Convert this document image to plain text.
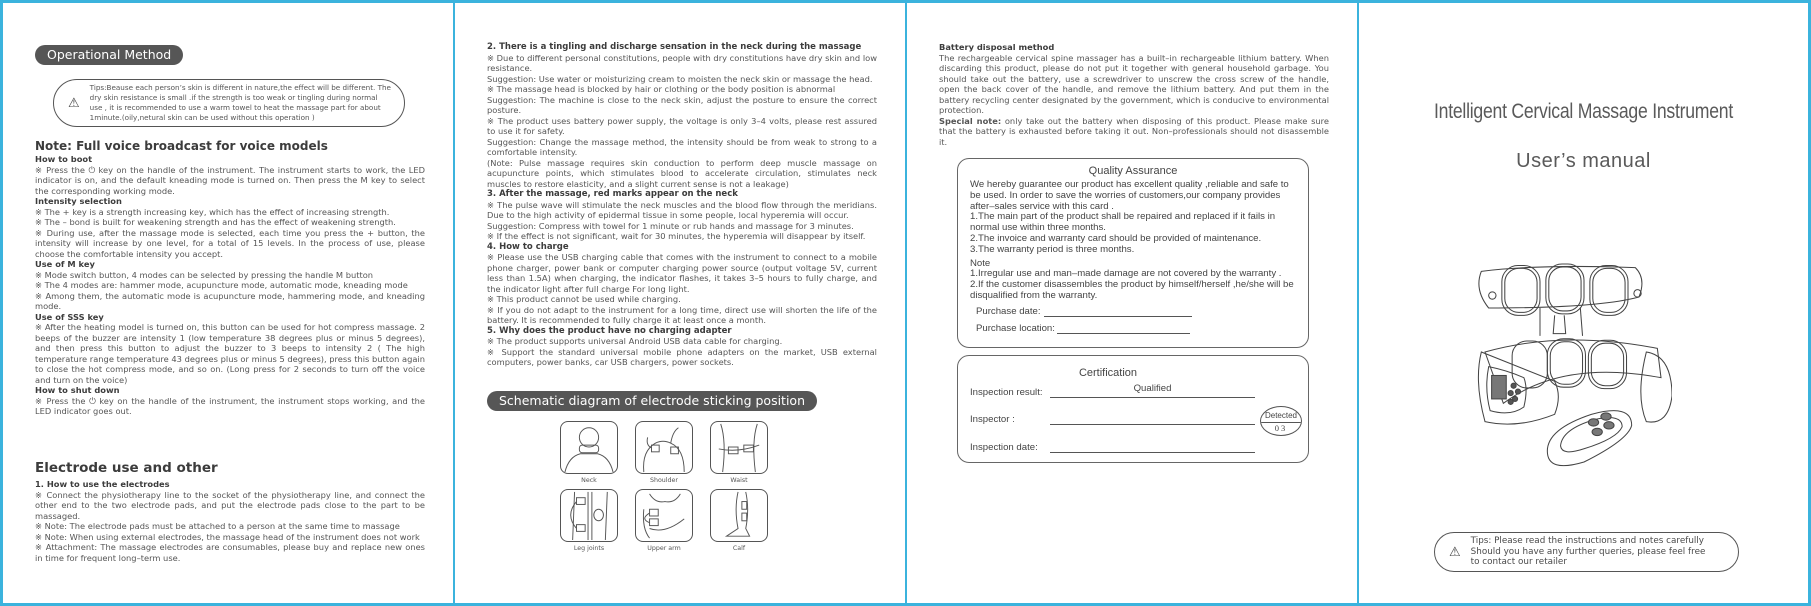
Operational Method
⚠
Tips:Beause each person’s skin is different in nature,the effect will be different. The dry skin resistance is small .if the strength is too weak or tingling during normal use , it is recommended to use a warm towel to heat the massage part for about 1minute.(oily,netural skin can be used without this operation )

Note: Full voice broadcast for voice models

How to boot

※ Press the ⏻ key on the handle of the instrument. The instrument starts to work, the LED indicator is on, and the default kneading mode is turned on. Then press the M key to select the corresponding working mode.

Intensity selection

※ The + key is a strength increasing key, which has the effect of increasing strength.

※ The – bond is built for weakening strength and has the effect of weakening strength.

※ During use, after the massage mode is selected, each time you press the + button, the intensity will increase by one level, for a total of 15 levels. In the process of use, please choose the comfortable intensity you accept.

Use of M key

※ Mode switch button, 4 modes can be selected by pressing the handle M button

※ The 4 modes are: hammer mode, acupuncture mode, automatic mode, kneading mode

※ Among them, the automatic mode is acupuncture mode, hammering mode, and kneading mode.

Use of SSS key

※ After the heating model is turned on, this button can be used for hot compress massage. 2 beeps of the buzzer are intensity 1 (low temperature 38 degrees plus or minus 5 degrees), and then press this button to adjust the buzzer to 3 beeps to intensity 2 ( The high temperature range temperature 43 degrees plus or minus 5 degrees), press this button again to close the hot compress mode, and so on. (Long press for 2 seconds to turn off the voice and turn on the voice)

How to shut down

※ Press the ⏻ key on the handle of the instrument, the instrument stops working, and the LED indicator goes out.

Electrode use and other

1. How to use the electrodes

※ Connect the physiotherapy line to the socket of the physiotherapy line, and connect the other end to the two electrode pads, and put the electrode pads close to the part to be massaged.

※ Note: The electrode pads must be attached to a person at the same time to massage

※ Note: When using external electrodes, the massage head of the instrument does not work

※ Attachment: The massage electrodes are consumables, please buy and replace new ones in time for frequent long–term use.

2. There is a tingling and discharge sensation in the neck during the massage

※ Due to different personal constitutions, people with dry constitutions have dry skin and low resistance.

Suggestion: Use water or moisturizing cream to moisten the neck skin or massage the head.

※ The massage head is blocked by hair or clothing or the body position is abnormal

Suggestion: The machine is close to the neck skin, adjust the posture to ensure the correct posture.

※ The product uses battery power supply, the voltage is only 3–4 volts, please rest assured to use it for safety.

Suggestion: Change the massage method, the intensity should be from weak to strong to a comfortable intensity.

(Note: Pulse massage requires skin conduction to perform deep muscle massage on acupuncture points, which stimulates blood to accelerate circulation, stimulates neck muscles to restore elasticity, and a slight current sense is not a leakage)

3. After the massage, red marks appear on the neck

※ The pulse wave will stimulate the neck muscles and the blood flow through the meridians. Due to the high activity of epidermal tissue in some people, local hyperemia will occur.

Suggestion: Compress with towel for 1 minute or rub hands and massage for 3 minutes.

※ If the effect is not significant, wait for 30 minutes, the hyperemia will disappear by itself.

4. How to charge

※ Please use the USB charging cable that comes with the instrument to connect to a mobile phone charger, power bank or computer charging power source (output voltage 5V, current less than 1.5A) when charging, the indicator flashes, it takes 3–5 hours to fully charge, and the indicator light after full charge For long light.

※ This product cannot be used while charging.

※ If you do not adapt to the instrument for a long time, direct use will shorten the life of the battery. It is recommended to fully charge it at least once a month.

5. Why does the product have no charging adapter

※ The product supports universal Android USB data cable for charging.

※ Support the standard universal mobile phone adapters on the market, USB external computers, power banks, car USB chargers, power sockets.

Schematic diagram of electrode sticking position
Neck	Shoulder	Waist
Leg joints	Upper arm	Calf

Battery disposal method

The rechargeable cervical spine massager has a built–in rechargeable lithium battery. When discarding this product, please do not put it together with general household garbage. You should take out the battery, use a screwdriver to unscrew the cross screw of the handle, open the back cover of the handle, and remove the lithium battery. And put them in the battery recycling center designated by the government, which is conducive to environmental protection.

Special note: only take out the battery when disposing of this product. Please make sure that the battery is exhausted before taking it out. Non–professionals should not disassemble it.

Quality Assurance

We hereby guarantee our product has excellent quality ,reliable and safe to be used. In order to save the worries of customers,our company provides after–sales service with this card .

1.The main part of the product shall be repaired and replaced if it fails in normal use within three months.

2.The invoice and warranty card should be provided of maintenance.

3.The warranty period is three months.

Note

1.Irregular use and man–made damage are not covered by the warranty .

2.If the customer disassembles the product by himself/herself ,he/she will be disqualified from the warranty.

Purchase date:
Purchase location:
Certification
Inspection result:	Qualified
Inspector :
Inspection date:
Detected
03
Intelligent Cervical Massage Instrument
User’s manual
⚠
Tips: Please read the instructions and notes carefully
Should you have any further queries, please feel free
to contact our retailer
